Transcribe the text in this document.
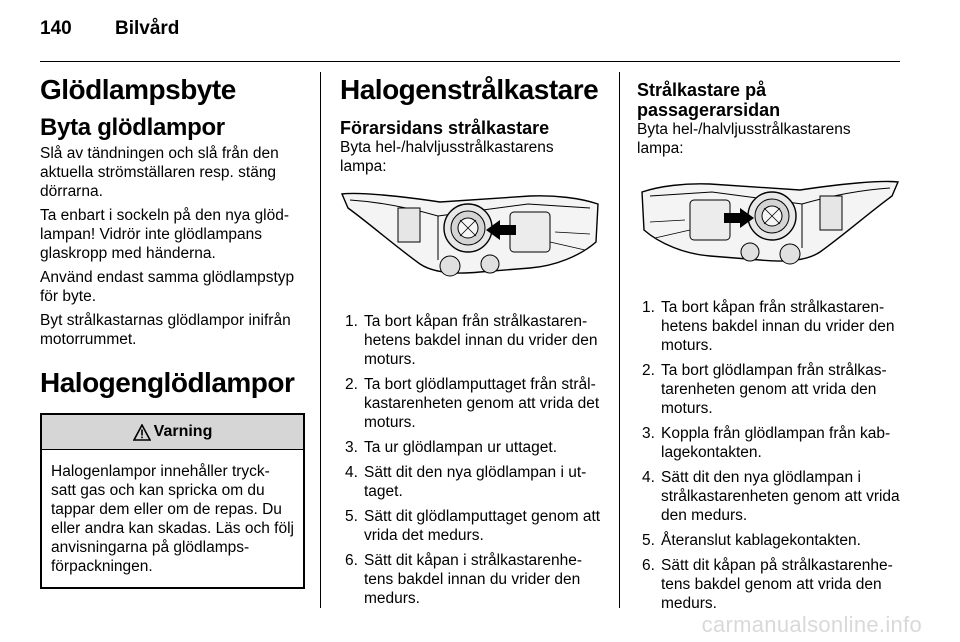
140 Bilvård
Glödlampsbyte
Byta glödlampor

Slå av tändningen och slå från den aktuella strömställaren resp. stäng dörrarna.

Ta enbart i sockeln på den nya glöd-lampan! Vidrör inte glödlampans glaskropp med händerna.

Använd endast samma glödlampstyp för byte.

Byt strålkastarnas glödlampor inifrån motorrummet.

Halogenglödlampor
Varning
Halogenlampor innehåller tryck-satt gas och kan spricka om du tappar dem eller om de repas. Du eller andra kan skadas. Läs och följ anvisningarna på glödlamps-förpackningen.
Halogenstrålkastare
Förarsidans strålkastare

Byta hel-/halvljusstrålkastarens lampa:

1. Ta bort kåpan från strålkastaren-hetens bakdel innan du vrider den moturs.
2. Ta bort glödlamputtaget från strål-kastarenheten genom att vrida det moturs.
3. Ta ur glödlampan ur uttaget.
4. Sätt dit den nya glödlampan i ut-taget.
5. Sätt dit glödlamputtaget genom att vrida det medurs.
6. Sätt dit kåpan i strålkastarenhe-tens bakdel innan du vrider den medurs.
Strålkastare på
passagerarsidan

Byta hel-/halvljusstrålkastarens lampa:

1. Ta bort kåpan från strålkastaren-hetens bakdel innan du vrider den moturs.
2. Ta bort glödlampan från strålkas-tarenheten genom att vrida den moturs.
3. Koppla från glödlampan från kab-lagekontakten.
4. Sätt dit den nya glödlampan i strålkastarenheten genom att vrida den medurs.
5. Återanslut kablagekontakten.
6. Sätt dit kåpan på strålkastarenhe-tens bakdel genom att vrida den medurs.
carmanualsonline.info
